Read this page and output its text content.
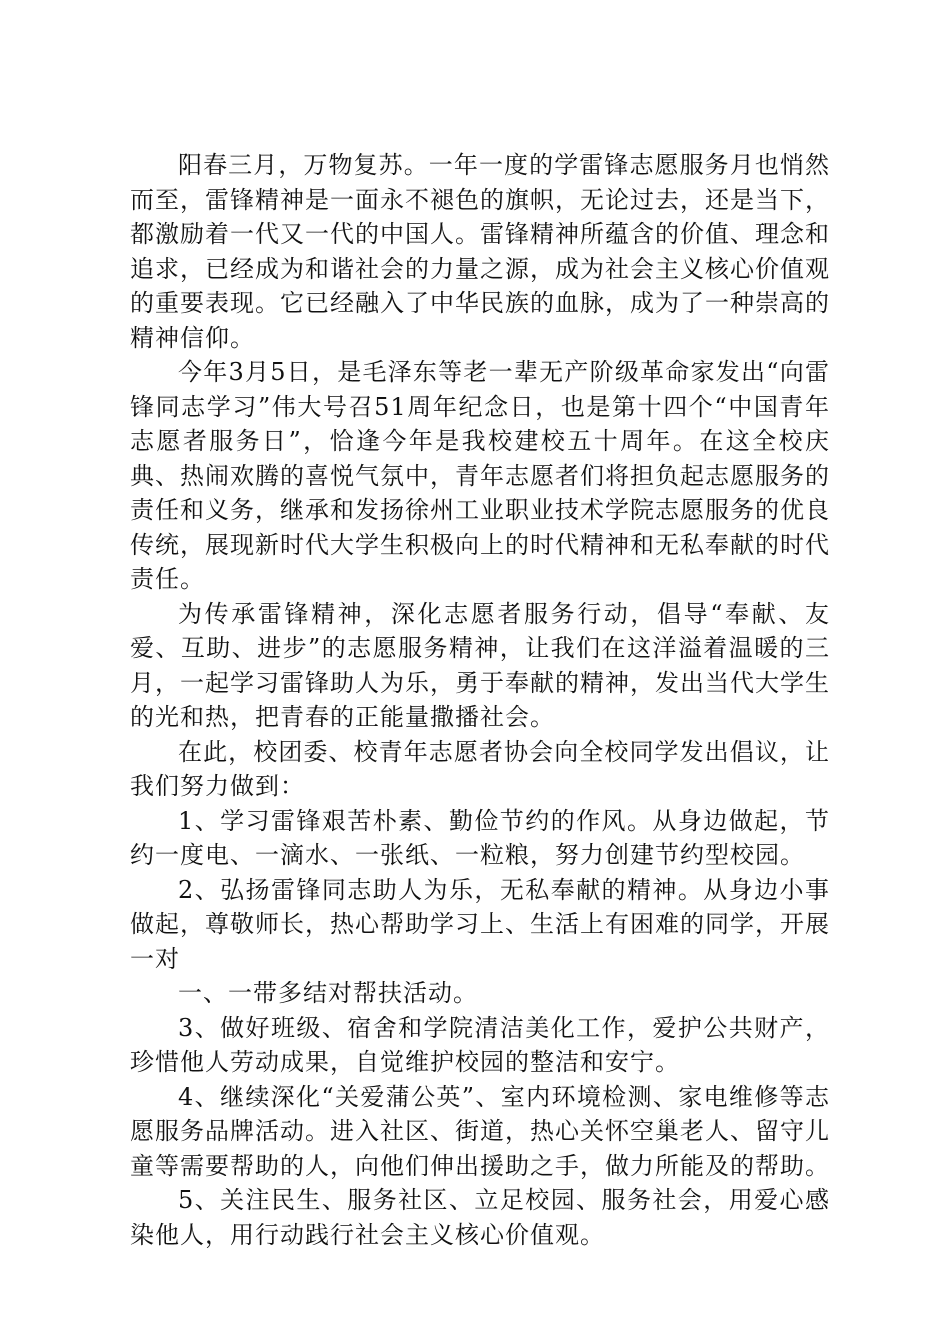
阳春三月，万物复苏。一年一度的学雷锋志愿服务月也悄然而至，雷锋精神是一面永不褪色的旗帜，无论过去，还是当下，都激励着一代又一代的中国人。雷锋精神所蕴含的价值、理念和追求，已经成为和谐社会的力量之源，成为社会主义核心价值观的重要表现。它已经融入了中华民族的血脉，成为了一种崇高的精神信仰。

今年3月5日，是毛泽东等老一辈无产阶级革命家发出“向雷锋同志学习”伟大号召51周年纪念日，也是第十四个“中国青年志愿者服务日”，恰逢今年是我校建校五十周年。在这全校庆典、热闹欢腾的喜悦气氛中，青年志愿者们将担负起志愿服务的责任和义务，继承和发扬徐州工业职业技术学院志愿服务的优良传统，展现新时代大学生积极向上的时代精神和无私奉献的时代责任。

为传承雷锋精神，深化志愿者服务行动，倡导“奉献、友爱、互助、进步”的志愿服务精神，让我们在这洋溢着温暖的三月，一起学习雷锋助人为乐，勇于奉献的精神，发出当代大学生的光和热，把青春的正能量撒播社会。

在此，校团委、校青年志愿者协会向全校同学发出倡议，让我们努力做到：

1、学习雷锋艰苦朴素、勤俭节约的作风。从身边做起，节约一度电、一滴水、一张纸、一粒粮，努力创建节约型校园。

2、弘扬雷锋同志助人为乐，无私奉献的精神。从身边小事做起，尊敬师长，热心帮助学习上、生活上有困难的同学，开展一对

一、一带多结对帮扶活动。

3、做好班级、宿舍和学院清洁美化工作，爱护公共财产，珍惜他人劳动成果，自觉维护校园的整洁和安宁。

4、继续深化“关爱蒲公英”、室内环境检测、家电维修等志愿服务品牌活动。进入社区、街道，热心关怀空巢老人、留守儿童等需要帮助的人，向他们伸出援助之手，做力所能及的帮助。

5、关注民生、服务社区、立足校园、服务社会，用爱心感染他人，用行动践行社会主义核心价值观。
